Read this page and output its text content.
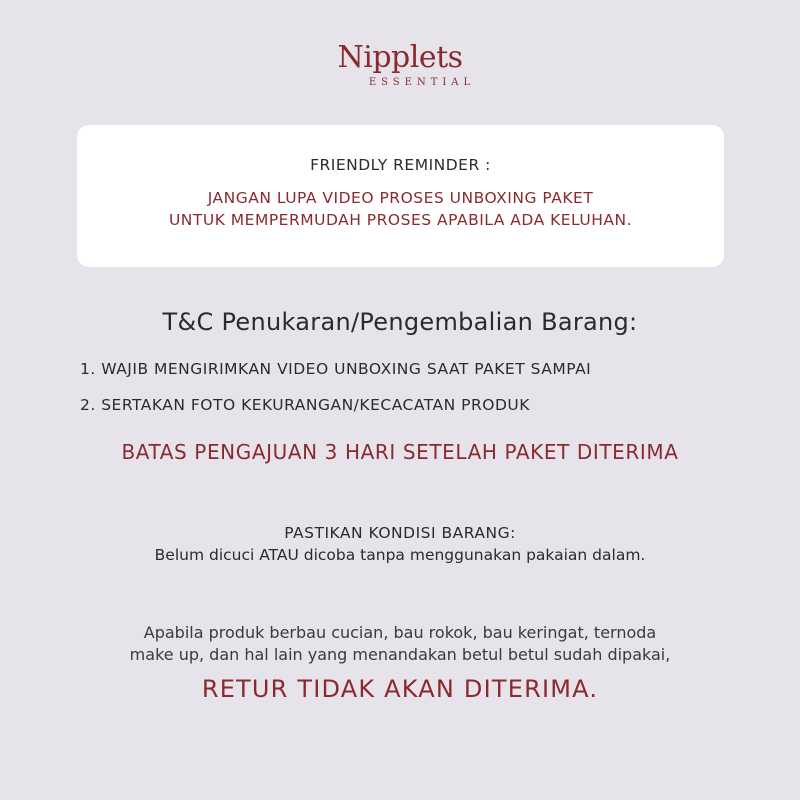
Nipplets
ESSENTIAL
FRIENDLY REMINDER :
JANGAN LUPA VIDEO PROSES UNBOXING PAKET
UNTUK MEMPERMUDAH PROSES APABILA ADA KELUHAN.
T&C Penukaran/Pengembalian Barang:
1. WAJIB MENGIRIMKAN VIDEO UNBOXING SAAT PAKET SAMPAI
2. SERTAKAN FOTO KEKURANGAN/KECACATAN PRODUK
BATAS PENGAJUAN 3 HARI SETELAH PAKET DITERIMA
PASTIKAN KONDISI BARANG:
Belum dicuci ATAU dicoba tanpa menggunakan pakaian dalam.
Apabila produk berbau cucian, bau rokok, bau keringat, ternoda
make up, dan hal lain yang menandakan betul betul sudah dipakai,
RETUR TIDAK AKAN DITERIMA.
